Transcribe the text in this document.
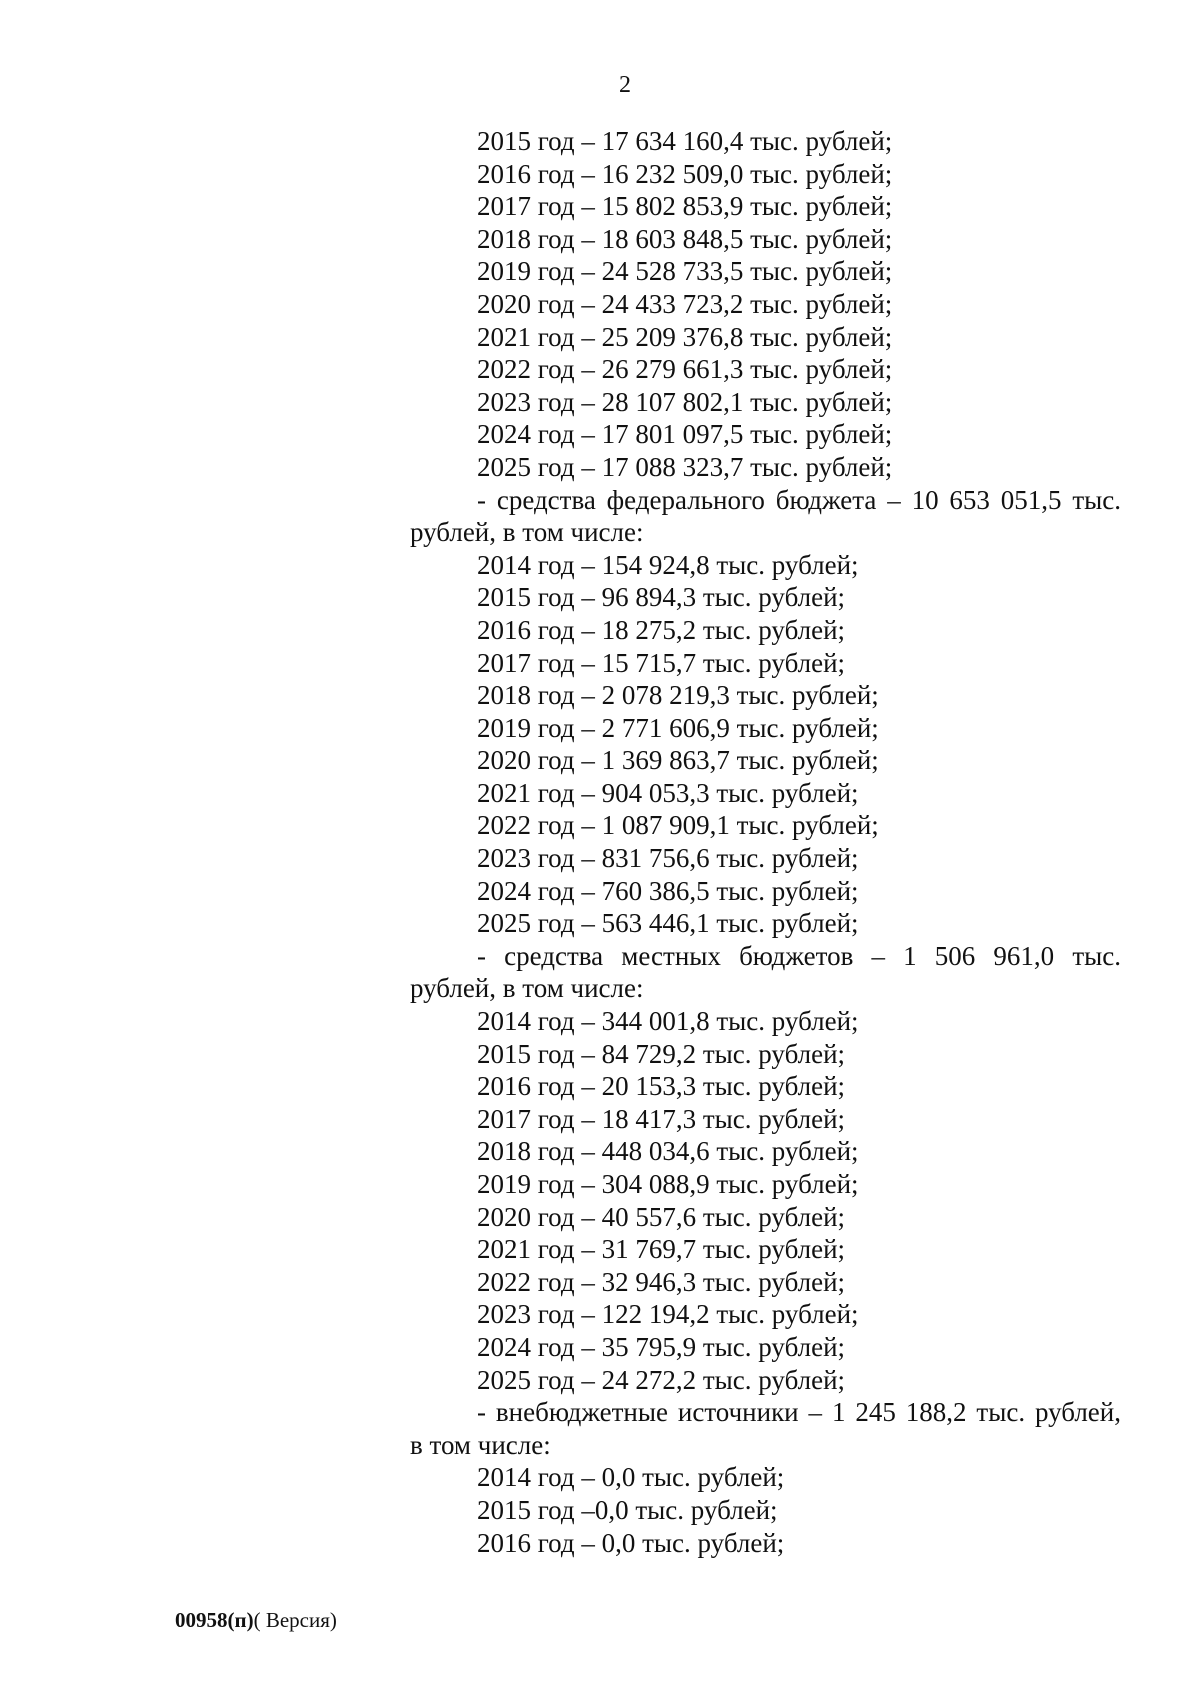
2
2015 год – 17 634 160,4 тыс. рублей;
2016 год – 16 232 509,0 тыс. рублей;
2017 год – 15 802 853,9 тыс. рублей;
2018 год – 18 603 848,5 тыс. рублей;
2019 год – 24 528 733,5 тыс. рублей;
2020 год – 24 433 723,2 тыс. рублей;
2021 год – 25 209 376,8 тыс. рублей;
2022 год – 26 279 661,3 тыс. рублей;
2023 год – 28 107 802,1 тыс. рублей;
2024 год – 17 801 097,5 тыс. рублей;
2025 год – 17 088 323,7 тыс. рублей;
- средства федерального бюджета – 10 653 051,5 тыс.
рублей, в том числе:
2014 год – 154 924,8 тыс. рублей;
2015 год – 96 894,3 тыс. рублей;
2016 год – 18 275,2 тыс. рублей;
2017 год – 15 715,7 тыс. рублей;
2018 год – 2 078 219,3 тыс. рублей;
2019 год – 2 771 606,9 тыс. рублей;
2020 год – 1 369 863,7 тыс. рублей;
2021 год – 904 053,3 тыс. рублей;
2022 год – 1 087 909,1 тыс. рублей;
2023 год – 831 756,6 тыс. рублей;
2024 год – 760 386,5 тыс. рублей;
2025 год – 563 446,1 тыс. рублей;
- средства местных бюджетов – 1 506 961,0 тыс.
рублей, в том числе:
2014 год – 344 001,8 тыс. рублей;
2015 год – 84 729,2 тыс. рублей;
2016 год – 20 153,3 тыс. рублей;
2017 год – 18 417,3 тыс. рублей;
2018 год – 448 034,6 тыс. рублей;
2019 год – 304 088,9 тыс. рублей;
2020 год – 40 557,6 тыс. рублей;
2021 год – 31 769,7 тыс. рублей;
2022 год – 32 946,3 тыс. рублей;
2023 год – 122 194,2 тыс. рублей;
2024 год – 35 795,9 тыс. рублей;
2025 год – 24 272,2 тыс. рублей;
- внебюджетные источники – 1 245 188,2 тыс. рублей,
в том числе:
2014 год – 0,0 тыс. рублей;
2015 год –0,0 тыс. рублей;
2016 год – 0,0 тыс. рублей;
00958(п)( Версия)
